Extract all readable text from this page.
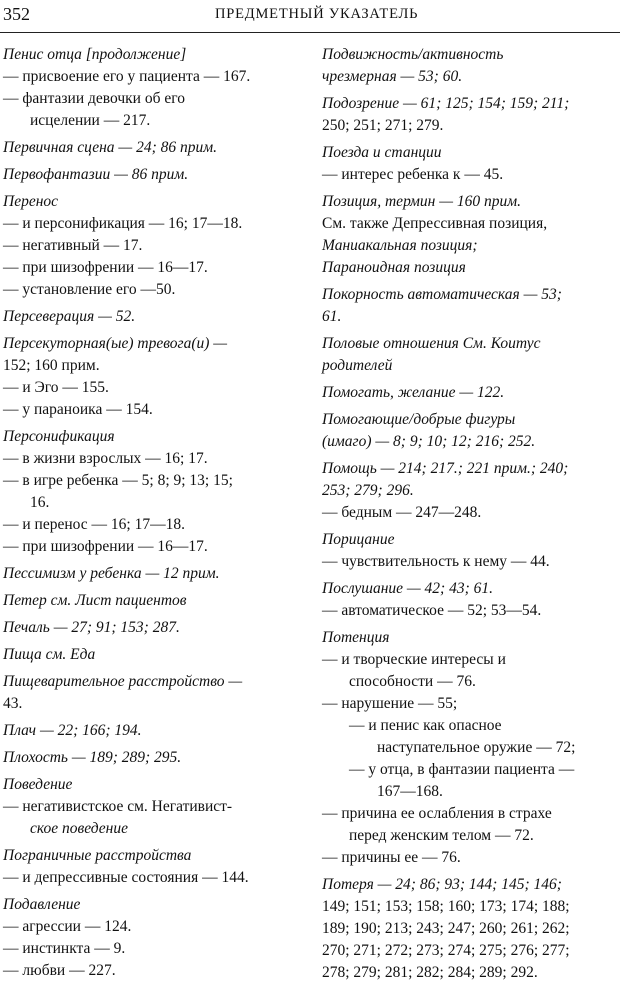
352	ПРЕДМЕТНЫЙ УКАЗАТЕЛЬ
Пенис отца [продолжение]
— присвоение его у пациента — 167.
— фантазии девочки об его
исцелении — 217.
Первичная сцена — 24; 86 прим.
Первофантазии — 86 прим.
Перенос
— и персонификация — 16; 17—18.
— негативный — 17.
— при шизофрении — 16—17.
— установление его —50.
Персеверация — 52.
Персекуторная(ые) тревога(и) —
152; 160 прим.
— и Эго — 155.
— у параноика — 154.
Персонификация
— в жизни взрослых — 16; 17.
— в игре ребенка — 5; 8; 9; 13; 15;
16.
— и перенос — 16; 17—18.
— при шизофрении — 16—17.
Пессимизм у ребенка — 12 прим.
Петер см. Лист пациентов
Печаль — 27; 91; 153; 287.
Пища см. Еда
Пищеварительное расстройство —
43.
Плач — 22; 166; 194.
Плохость — 189; 289; 295.
Поведение
— негативистское см. Негативист-
ское поведение
Пограничные расстройства
— и депрессивные состояния — 144.
Подавление
— агрессии — 124.
— инстинкта — 9.
— любви — 227.
Подвижность/активность
чрезмерная — 53; 60.
Подозрение — 61; 125; 154; 159; 211;
250; 251; 271; 279.
Поезда и станции
— интерес ребенка к — 45.
Позиция, термин — 160 прим.
См. также Депрессивная позиция,
Маниакальная позиция;
Параноидная позиция
Покорность автоматическая — 53;
61.
Половые отношения См. Коитус
родителей
Помогать, желание — 122.
Помогающие/добрые фигуры
(имаго) — 8; 9; 10; 12; 216; 252.
Помощь — 214; 217.; 221 прим.; 240;
253; 279; 296.
— бедным — 247—248.
Порицание
— чувствительность к нему — 44.
Послушание — 42; 43; 61.
— автоматическое — 52; 53—54.
Потенция
— и творческие интересы и
способности — 76.
— нарушение — 55;
— и пенис как опасное
наступательное оружие — 72;
— у отца, в фантазии пациента —
167—168.
— причина ее ослабления в страхе
перед женским телом — 72.
— причины ее — 76.
Потеря — 24; 86; 93; 144; 145; 146;
149; 151; 153; 158; 160; 173; 174; 188;
189; 190; 213; 243; 247; 260; 261; 262;
270; 271; 272; 273; 274; 275; 276; 277;
278; 279; 281; 282; 284; 289; 292.
